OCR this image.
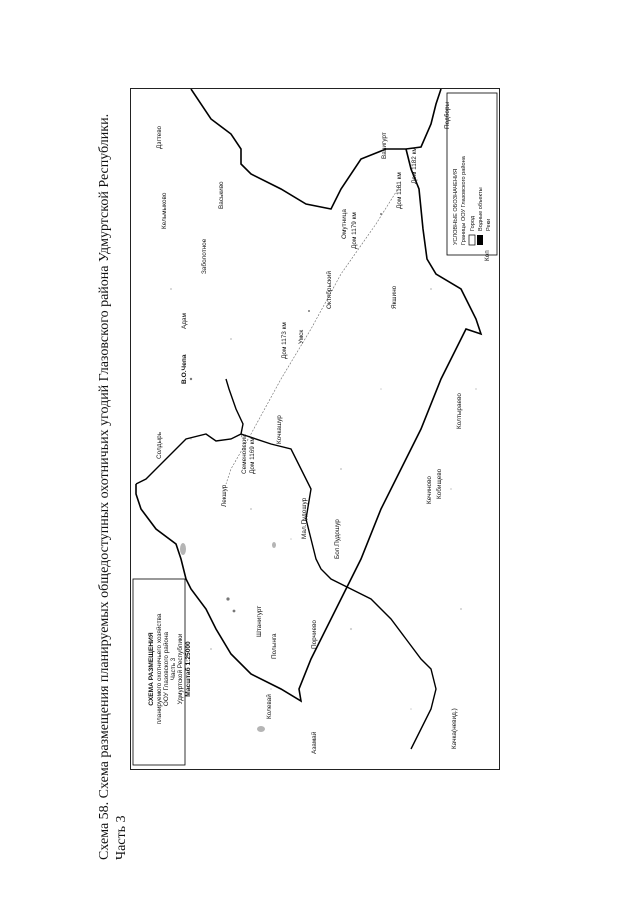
Схема 58. Схема размещения планируемых общедоступных охотничьих угодий Глазовского района Удмуртской Республики. Часть 3
СХЕМА РАЗМЕЩЕНИЯ планируемого охотничьего хозяйства ООУ Глазовского района Часть 3 Удмуртской Республики Масштаб 1:25000
УСЛОВНЫЕ ОБОЗНАЧЕНИЯ Границы ООУ Глазовского района Город Водные объекты Реки
Дзгтево
Подборы
Ванигурт
Кельмыково	Васькиво	Дом 1181 км
Дом 1182 км
Заболотное
Дом 1179 км
Омутница
Октябрьский
Адам
Дом 1173 км Умск
Якшино
В.О.Чепа
Солдырь
Кочкашур
Колтыраево
Семеновский Дом 1169 км
Мал.Пудошур
Бол.Пудошур
Кечиново Кобищево
Лекшур
Порчиево
Штанигурт
Полынга
Колевай
Азамай	Качка(невид.)
Коп
